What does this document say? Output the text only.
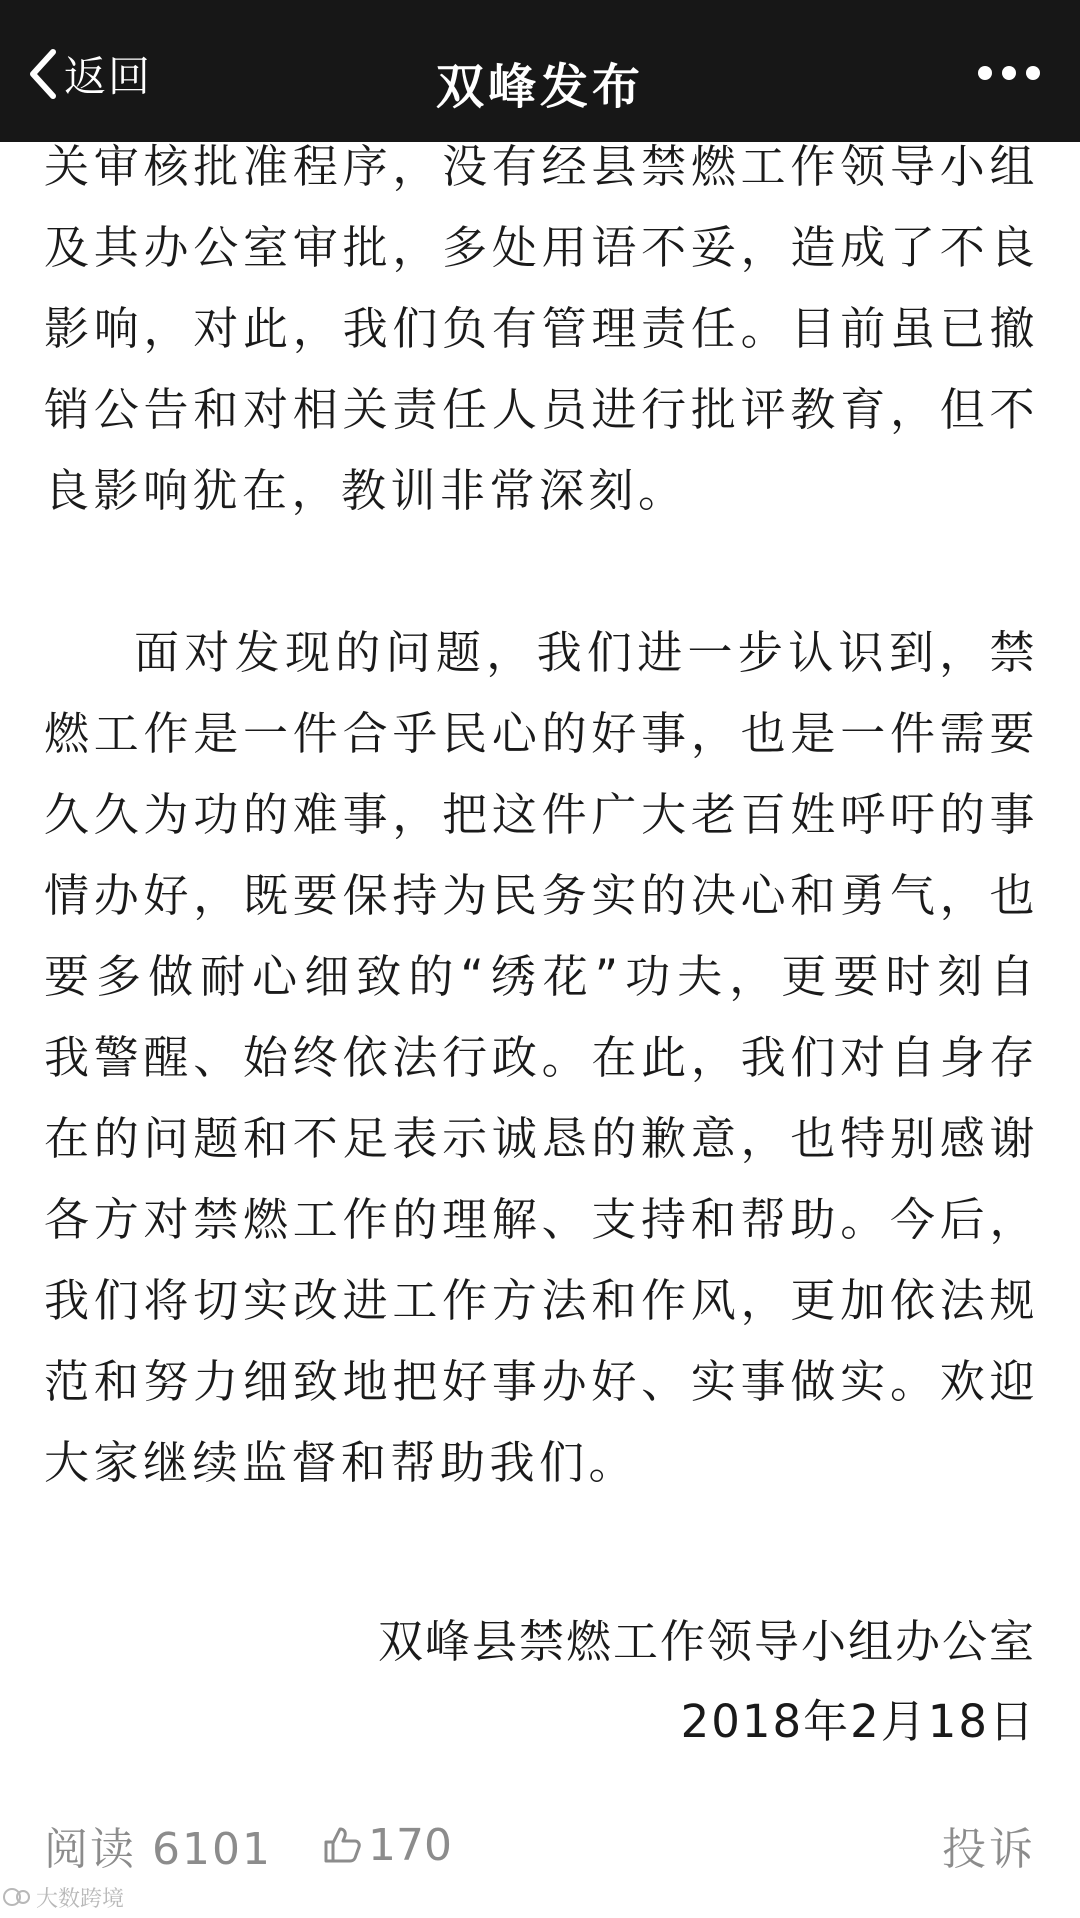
返回	双峰发布

关审核批准程序，没有经县禁燃工作领导小组及其办公室审批，多处用语不妥，造成了不良影响，对此，我们负有管理责任。目前虽已撤销公告和对相关责任人员进行批评教育，但不良影响犹在，教训非常深刻。

面对发现的问题，我们进一步认识到，禁燃工作是一件合乎民心的好事，也是一件需要久久为功的难事，把这件广大老百姓呼吁的事情办好，既要保持为民务实的决心和勇气，也要多做耐心细致的“绣花”功夫，更要时刻自我警醒、始终依法行政。在此，我们对自身存在的问题和不足表示诚恳的歉意，也特别感谢各方对禁燃工作的理解、支持和帮助。今后，我们将切实改进工作方法和作风，更加依法规范和努力细致地把好事办好、实事做实。欢迎大家继续监督和帮助我们。

双峰县禁燃工作领导小组办公室
2018年2月18日
阅读 6101 170	投诉
大数跨境
